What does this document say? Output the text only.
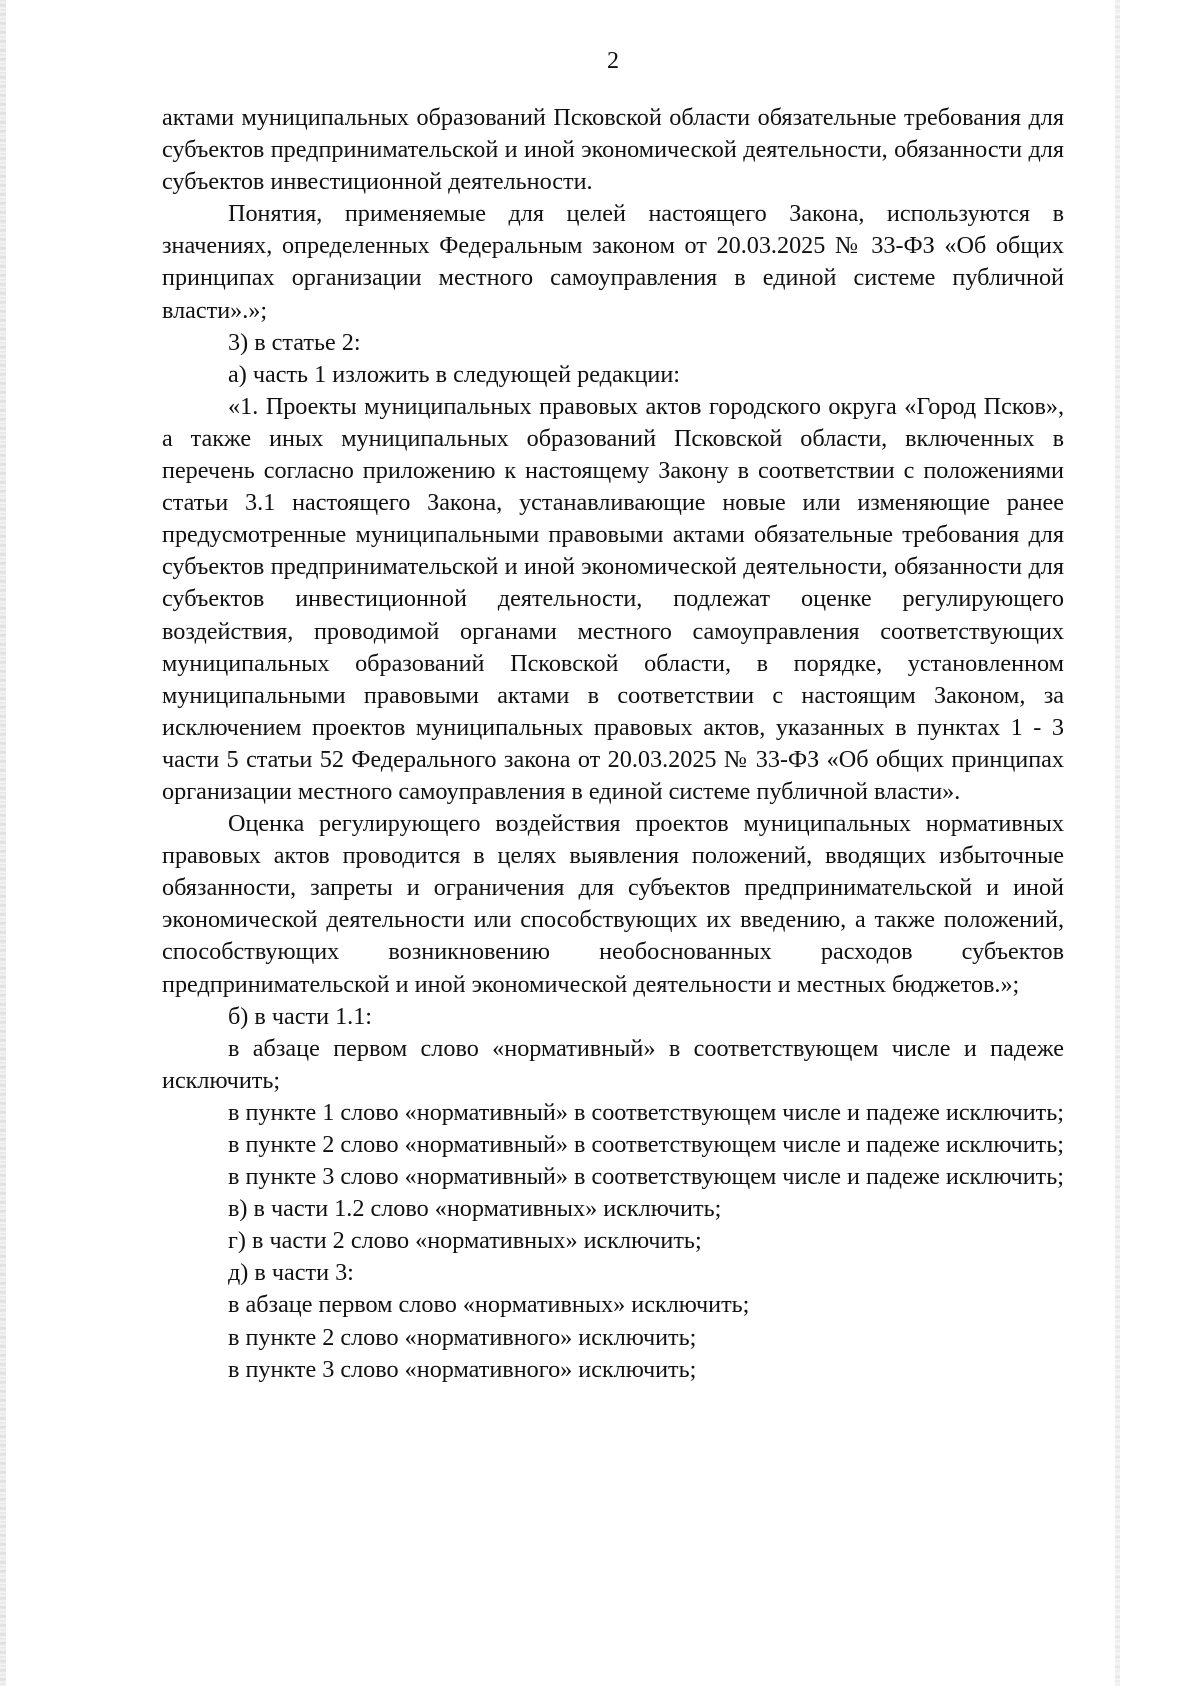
2

актами муниципальных образований Псковской области обязательные требования для субъектов предпринимательской и иной экономической деятельности, обязанности для субъектов инвестиционной деятельности.

Понятия, применяемые для целей настоящего Закона, используются в значениях, определенных Федеральным законом от 20.03.2025 № 33-ФЗ «Об общих принципах организации местного самоуправления в единой системе публичной власти».»;

3) в статье 2:

а) часть 1 изложить в следующей редакции:

«1. Проекты муниципальных правовых актов городского округа «Город Псков», а также иных муниципальных образований Псковской области, включенных в перечень согласно приложению к настоящему Закону в соответствии с положениями статьи 3.1 настоящего Закона, устанавливающие новые или изменяющие ранее предусмотренные муниципальными правовыми актами обязательные требования для субъектов предпринимательской и иной экономической деятельности, обязанности для субъектов инвестиционной деятельности, подлежат оценке регулирующего воздействия, проводимой органами местного самоуправления соответствующих муниципальных образований Псковской области, в порядке, установленном муниципальными правовыми актами в соответствии с настоящим Законом, за исключением проектов муниципальных правовых актов, указанных в пунктах 1 - 3 части 5 статьи 52 Федерального закона от 20.03.2025 № 33-ФЗ «Об общих принципах организации местного самоуправления в единой системе публичной власти».

Оценка регулирующего воздействия проектов муниципальных нормативных правовых актов проводится в целях выявления положений, вводящих избыточные обязанности, запреты и ограничения для субъектов предпринимательской и иной экономической деятельности или способствующих их введению, а также положений, способствующих возникновению необоснованных расходов субъектов предпринимательской и иной экономической деятельности и местных бюджетов.»;

б) в части 1.1:

в абзаце первом слово «нормативный» в соответствующем числе и падеже исключить;

в пункте 1 слово «нормативный» в соответствующем числе и падеже исключить;

в пункте 2 слово «нормативный» в соответствующем числе и падеже исключить;

в пункте 3 слово «нормативный» в соответствующем числе и падеже исключить;

в) в части 1.2 слово «нормативных» исключить;

г) в части 2 слово «нормативных» исключить;

д) в части 3:

в абзаце первом слово «нормативных» исключить;

в пункте 2 слово «нормативного» исключить;

в пункте 3 слово «нормативного» исключить;
